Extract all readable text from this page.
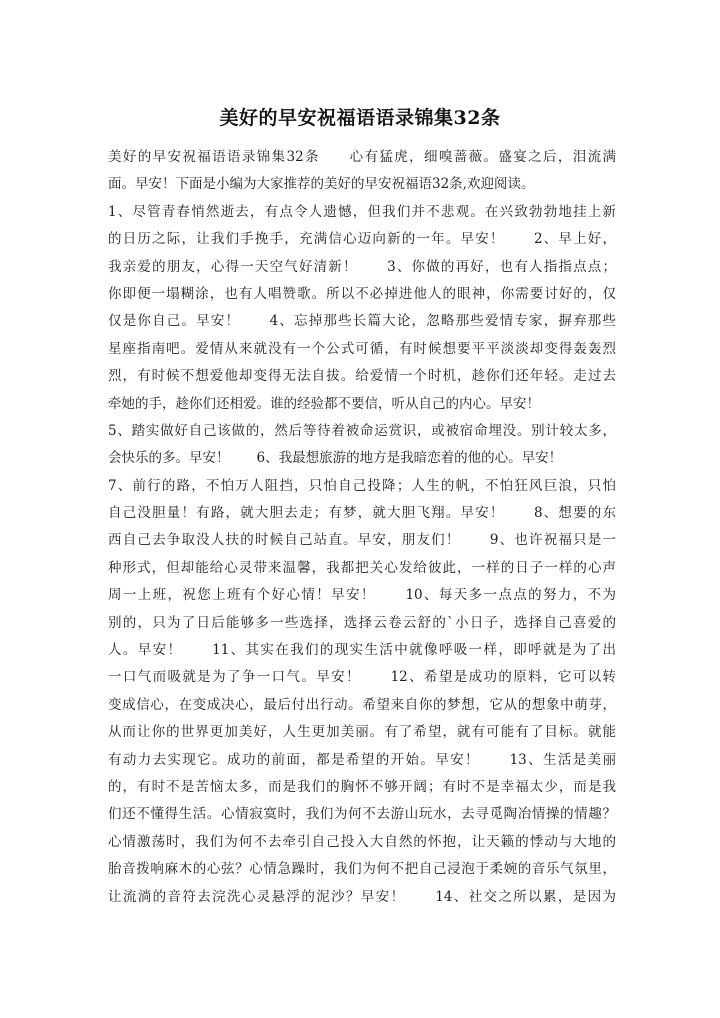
美好的早安祝福语语录锦集32条
美好的早安祝福语语录锦集32条　　心有猛虎，细嗅蔷薇。盛宴之后，泪流满
面。早安！下面是小编为大家推荐的美好的早安祝福语32条,欢迎阅读。
1、尽管青春悄然逝去，有点令人遗憾，但我们并不悲观。在兴致勃勃地挂上新
的日历之际，让我们手挽手，充满信心迈向新的一年。早安！　　2、早上好，
我亲爱的朋友，心得一天空气好清新！　　3、你做的再好，也有人指指点点；
你即便一塌糊涂，也有人唱赞歌。所以不必掉进他人的眼神，你需要讨好的，仅
仅是你自己。早安！　　4、忘掉那些长篇大论，忽略那些爱情专家，摒弃那些
星座指南吧。爱情从来就没有一个公式可循，有时候想要平平淡淡却变得轰轰烈
烈，有时候不想爱他却变得无法自拔。给爱情一个时机，趁你们还年轻。走过去
牵她的手，趁你们还相爱。谁的经验都不要信，听从自己的内心。早安！
5、踏实做好自己该做的，然后等待着被命运赏识，或被宿命埋没。别计较太多，
会快乐的多。早安！　　6、我最想旅游的地方是我暗恋着的他的心。早安！
7、前行的路，不怕万人阻挡，只怕自己投降；人生的帆，不怕狂风巨浪，只怕
自己没胆量！有路，就大胆去走；有梦，就大胆飞翔。早安！　　8、想要的东
西自己去争取没人扶的时候自己站直。早安，朋友们！　　9、也许祝福只是一
种形式，但却能给心灵带来温馨，我都把关心发给彼此，一样的日子一样的心声
周一上班，祝您上班有个好心情！早安！　　10、每天多一点点的努力，不为
别的，只为了日后能够多一些选择，选择云卷云舒的`小日子，选择自己喜爱的
人。早安！　　11、其实在我们的现实生活中就像呼吸一样，即呼就是为了出
一口气而吸就是为了争一口气。早安！　　12、希望是成功的原料，它可以转
变成信心，在变成决心，最后付出行动。希望来自你的梦想，它从的想象中萌芽，
从而让你的世界更加美好，人生更加美丽。有了希望，就有可能有了目标。就能
有动力去实现它。成功的前面，都是希望的开始。早安！　　13、生活是美丽
的，有时不是苦恼太多，而是我们的胸怀不够开阔；有时不是幸福太少，而是我
们还不懂得生活。心情寂寞时，我们为何不去游山玩水，去寻觅陶冶情操的情趣？
心情激荡时，我们为何不去牵引自己投入大自然的怀抱，让天籁的悸动与大地的
胎音拨响麻木的心弦？心情急躁时，我们为何不把自己浸泡于柔婉的音乐气氛里，
让流淌的音符去浣洗心灵悬浮的泥沙？早安！　　14、社交之所以累，是因为
